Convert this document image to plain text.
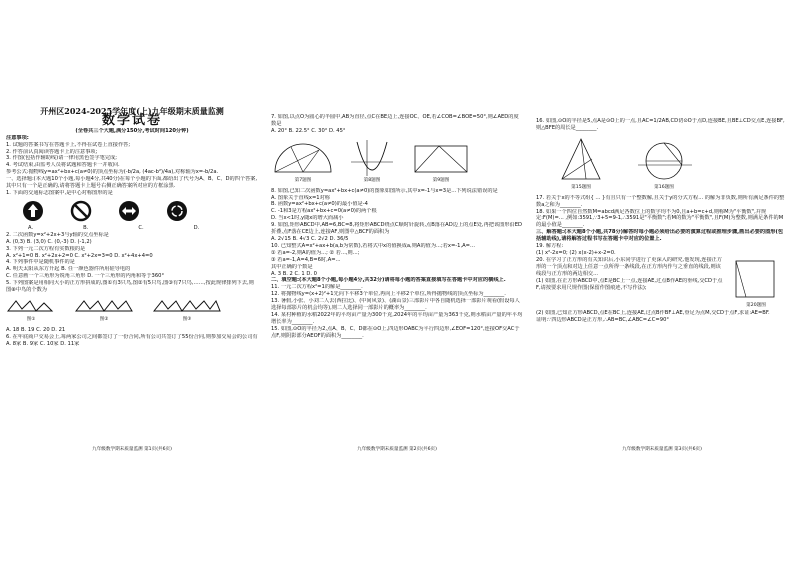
开州区2024-2025学年度(上)九年级期末质量监测
数学试卷

(全卷共三个大题,满分150分,考试时间120分钟)

注意事项:

1. 试题的答案书写在答题卡上,不得在试卷上直接作答;

2. 作答前认真阅读答题卡上的注意事项;

3. 作图(包括作辅助线)请一律用黑色签字笔完成;

4. 考试结束,由监考人员将试题和答题卡一并收回.

参考公式:抛物线y=ax²+bx+c(a≠0)的顶点坐标为(-b/2a, (4ac-b²)/4a),对称轴为x=-b/2a.

一、选择题:(本大题10个小题,每小题4分,共40分)在每个小题的下面,都给出了代号为A、B、C、D的四个答案,其中只有一个是正确的,请将答题卡上题号右侧正确答案所对应的方框涂黑.

1. 下面的交通标志图案中,是中心对称图形的是

A.	B.	C.	D.

2. 二次函数y=x²+2x+3与y轴的交点坐标是

A. (0,3) B. (3,0) C. (0,-3) D. (-1,2)

3. 下列一元二次方程有实数根的是

A. x²+1=0 B. x²+2x+2=0 C. x²+2x=3=0 D. x²+4x+4=0

4. 下列事件中是随机事件的是

A. 明天太阳从东方升起 B. 任一颜色器件所用硅导电的

C. 任意画一个三角形为锐角三角形 D. 一个三角形的内角和等于360°

5. 下列图案是用相同大小的正方形拼成的,图①有3只鸟,图②有5只鸟,图③有7只鸟,……,按此规律排列下去,则图⑧中鸟的个数为

图①	图②	图③

A. 18 B. 19 C. 20 D. 21

6. 在年底商户交易会上,每两家公司之间都签订了一份合同,所有公司共签订了55份合同,则参加交易会的公司有

A. 8家 B. 9家 C. 10家 D. 11家

九年级数学期末质量监测 第1页(共6页)

7. 如图,以点O为圆心的半圆中,AB为直径,点C在BE边上,连接OC、OE,若∠COB=∠BOE=50°,则∠AED的度数是

A. 20° B. 22.5° C. 30° D. 45°

第7题图	第8题图	第9题图

8. 如图,已知二次函数y=ax²+bx+c(a≠0)的图象如图所示,其中x=-1与x=3是...下列说法错误的是

A. 图象关于直线x=1对称

B. 函数y=ax²+bx+c(a≠0)的最小值是-4

C. -1和3是方程ax²+bx+c=0(a≠0)的两个根

D. 当x<1时,y随x的增大而减小

9. 如图,矩形ABCD中,AB=6,BC=8,将矩形ABCD绕点C顺时针旋转,点B落在AD边上的点E处,再把该图形沿ED折叠,点F落在CE边上,连接AF,则图中△BCF的面积为

A. 2√15 B. 4√3 C. 2√2 D. 36/5

10. 已知整式A=x²+ax+b(a,b为常数),若将式中x的值换成a,则A的值为...;若x=-1,A=...

① 若a=-2,则A的值为...; ② 若...,则...;

③ 若a=-1,A=4,B=6时,A=...

其中正确的个数是

A. 3 B. 2 C. 1 D. 0

二、填空题:(本大题8个小题,每小题4分,共32分)请将每小题的答案直接填写在答题卡中对应的横线上.

11. 一元二次方程x²=1的解是________.

12. 将抛物线y=(x+2)²+1先向下平移3个单位,再向上平移2个单位,所得抛物线的顶点坐标为________.

13. 暑假,小张、小刘二人去(西拉比)、(中间风景)、(湖山景)三部影片中各自随机选择一部影片观看(假设每人选择每部影片的机会均等),则二人选择同一部影片的概率为________.

14. 某村种植的水稻2022年的平均亩产量为300千克,2024年的平均亩产量为363千克,则水稻亩产量的年平均增长率为________.

15. 如图,⊙O的半径为2,点A、B、C、D都在⊙O上,四边形OABC为平行四边形,∠EOF=120°,连接OF交AC于点F,则阴影部分AEOF的面积为________.

九年级数学期末质量监测 第2页(共6页)

16. 如图,⊙O的半径是5,点A是⊙O上的一点,且AC=1/2AB,CD切⊙O于点D,连接BE,且BE⊥CD交点E,连接BF,则△BFE的周长是________.

第15题图	第16题图

17. 若关于x的不等式组{ ... }有且只有一个整数解,且关于y的分式方程... 的解为非负数,则所有满足条件的整数a之和为________.

18. 如果一个四位自然数M=abcd满足各数位上的数字均不为0,且a+b=c+d,则称M为"平衡数",并规定:F(M)=... ,例如:3591,∵3+5=9-1,∴3591是"平衡数";若M的数为"平衡数",且F(M)为整数,则满足条件的M的最小值是________.

三、解答题:(本大题8个小题,共78分)解答时每小题必须给出必要的演算过程或推理步骤,画出必要的图形(包括辅助线),请将解答过程书写在答题卡中对应的位置上.

19. 解方程:

(1) x²-2x=0; (2) x(x-2)+x-2=0.

20. 在学习了正方形的有关知识后,小东同学进行了更深入的研究,他发现,连接正方形的一个顶点和对边上任意一点所得一条线段,在正方形内作与之垂直的线段,则该线段与正方形的两边相交...

(1) 如图,在正方形ABCD中,点E是BC上一点,连接AE,过点B作AE的垂线,交CD于点F,请按要求用尺规作图(保留作图痕迹,不写作法);

第20题图

(2) 如图,已知正方形ABCD,点E在BC上,连接AE,过点B作BF⊥AE,垂足为点M,交CD于点F,求证:AE=BF.

证明:∵四边形ABCD是正方形,∴AB=BC,∠ABC=∠C=90°

九年级数学期末质量监测 第3页(共6页)
